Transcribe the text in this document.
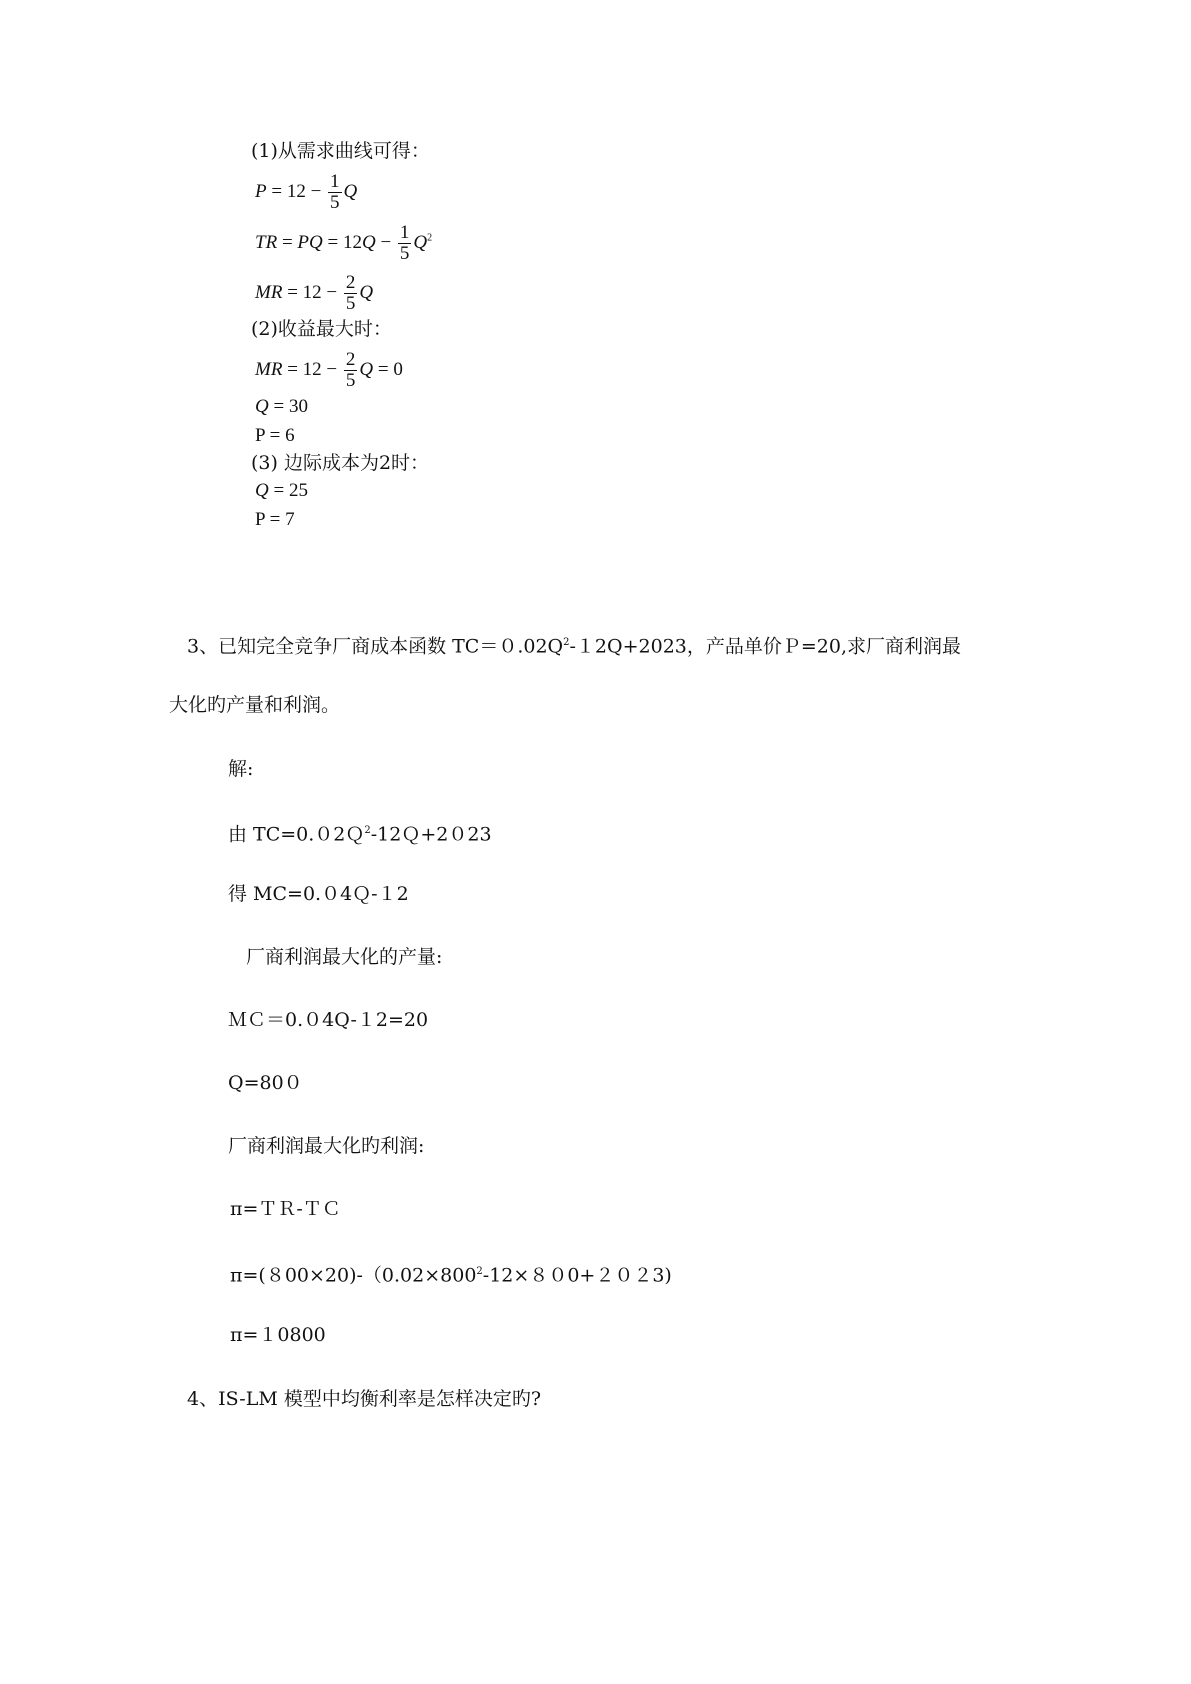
(1)从需求曲线可得：
$P = 12 - \frac{1}{5}$ Q
TR = PQ = $12Q - \frac{1}{5} Q^2$
MR = $12 - \frac{2}{5}$ Q
(2)收益最大时：
MR = $12 - \frac{2}{5}$ Q = 0
Q = 30
P = 6
(3) 边际成本为2时：
Q = 25
P = 7
3、已知完全竞争厂商成本函数 $TC=0.02Q^2-12Q+2023$，产品单价Ｐ=20,求厂商利润最
大化旳产量和利润。
解:
由 TC=0.０2Ｑ$^2$-12Ｑ+2０23
得 MC=0.０4Ｑ-１2
厂商利润最大化的产量:
ＭＣ＝0.０4Q-１2=20
Q=80０
厂商利润最大化旳利润:
π=ＴＲ-ＴＣ
$\pi=(800\times 20)-(0.02\times 800^2-12\times 800+2023)$
π=１0800
4、IS-LM 模型中均衡利率是怎样决定旳?
